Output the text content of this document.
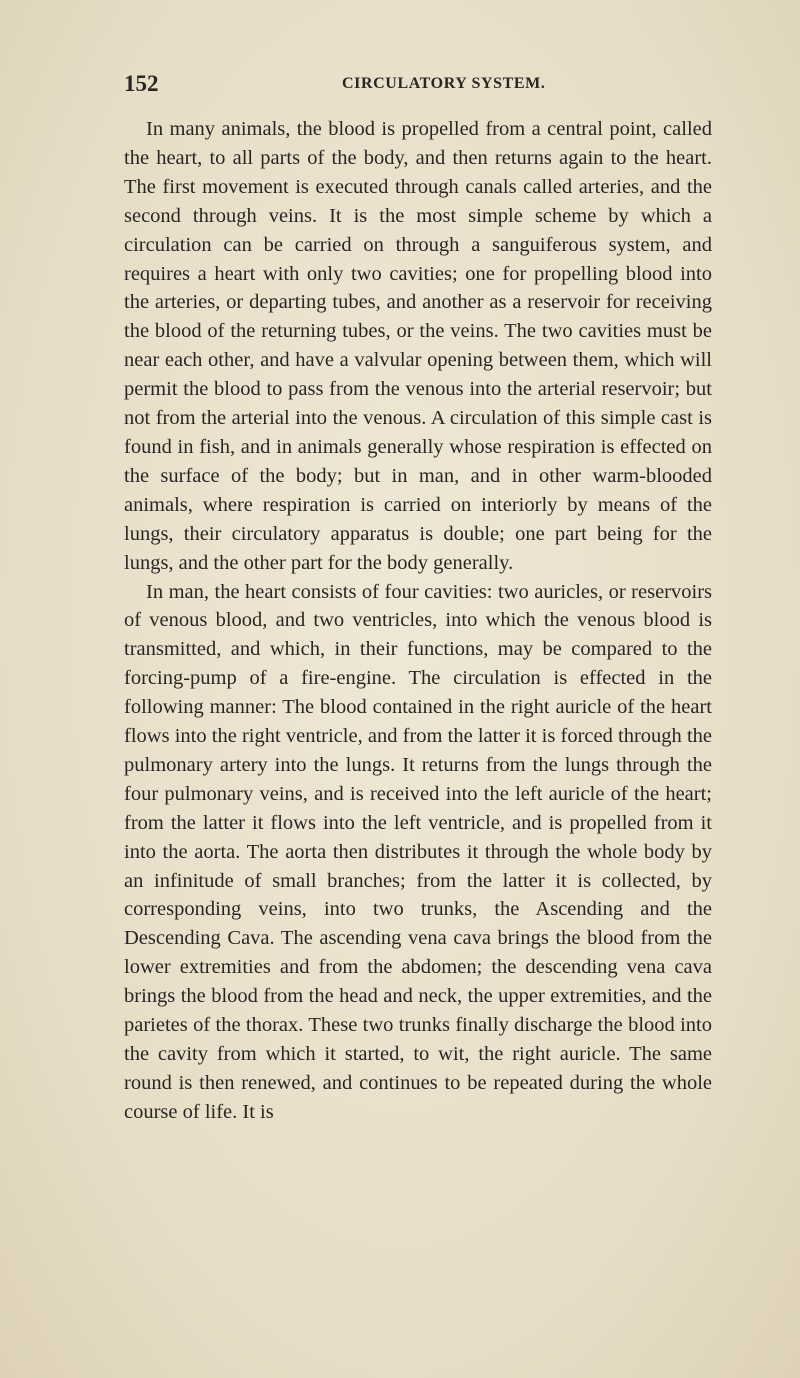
152	CIRCULATORY SYSTEM.

In many animals, the blood is propelled from a central point, called the heart, to all parts of the body, and then returns again to the heart. The first movement is executed through canals called arteries, and the second through veins. It is the most simple scheme by which a circulation can be carried on through a sanguiferous system, and requires a heart with only two cavities; one for propelling blood into the arteries, or departing tubes, and another as a reservoir for receiving the blood of the returning tubes, or the veins. The two cavities must be near each other, and have a valvular opening between them, which will permit the blood to pass from the venous into the arterial reservoir; but not from the arterial into the venous. A circulation of this simple cast is found in fish, and in animals generally whose respiration is effected on the surface of the body; but in man, and in other warm-blooded animals, where respiration is carried on interiorly by means of the lungs, their circulatory apparatus is double; one part being for the lungs, and the other part for the body generally.

In man, the heart consists of four cavities: two auricles, or reservoirs of venous blood, and two ventricles, into which the venous blood is transmitted, and which, in their functions, may be compared to the forcing-pump of a fire-engine. The circulation is effected in the following manner: The blood contained in the right auricle of the heart flows into the right ventricle, and from the latter it is forced through the pulmonary artery into the lungs. It returns from the lungs through the four pulmonary veins, and is received into the left auricle of the heart; from the latter it flows into the left ventricle, and is propelled from it into the aorta. The aorta then distributes it through the whole body by an infinitude of small branches; from the latter it is collected, by corresponding veins, into two trunks, the Ascending and the Descending Cava. The ascending vena cava brings the blood from the lower extremities and from the abdomen; the descending vena cava brings the blood from the head and neck, the upper extremities, and the parietes of the thorax. These two trunks finally discharge the blood into the cavity from which it started, to wit, the right auricle. The same round is then renewed, and continues to be repeated during the whole course of life. It is
